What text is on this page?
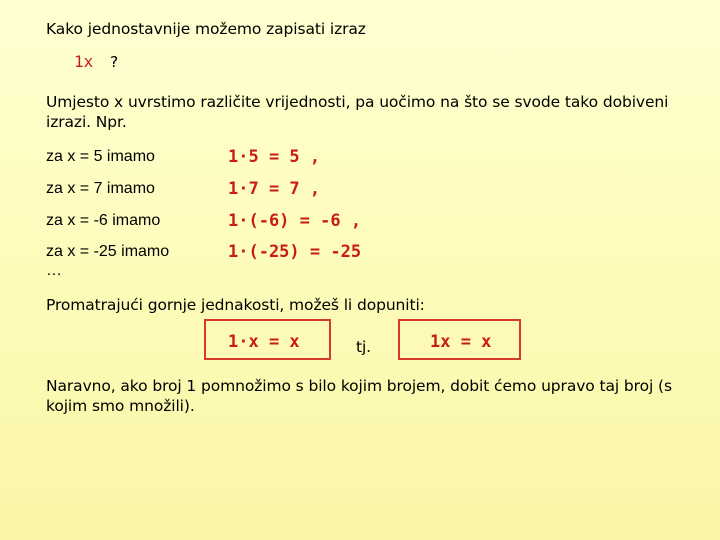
Kako jednostavnije možemo zapisati izraz
1x ?
Umjesto x uvrstimo različite vrijednosti, pa uočimo na što se svode tako dobiveni izrazi. Npr.
za x = 5 imamo	1·5 = 5 ,
za x = 7 imamo	1·7 = 7 ,
za x = -6 imamo	1·(-6) = -6 ,
za x = -25 imamo	1·(-25) = -25
…
Promatrajući gornje jednakosti, možeš li dopuniti:
1·x = x	tj.	1x = x
Naravno, ako broj 1 pomnožimo s bilo kojim brojem, dobit ćemo upravo taj broj (s kojim smo množili).
